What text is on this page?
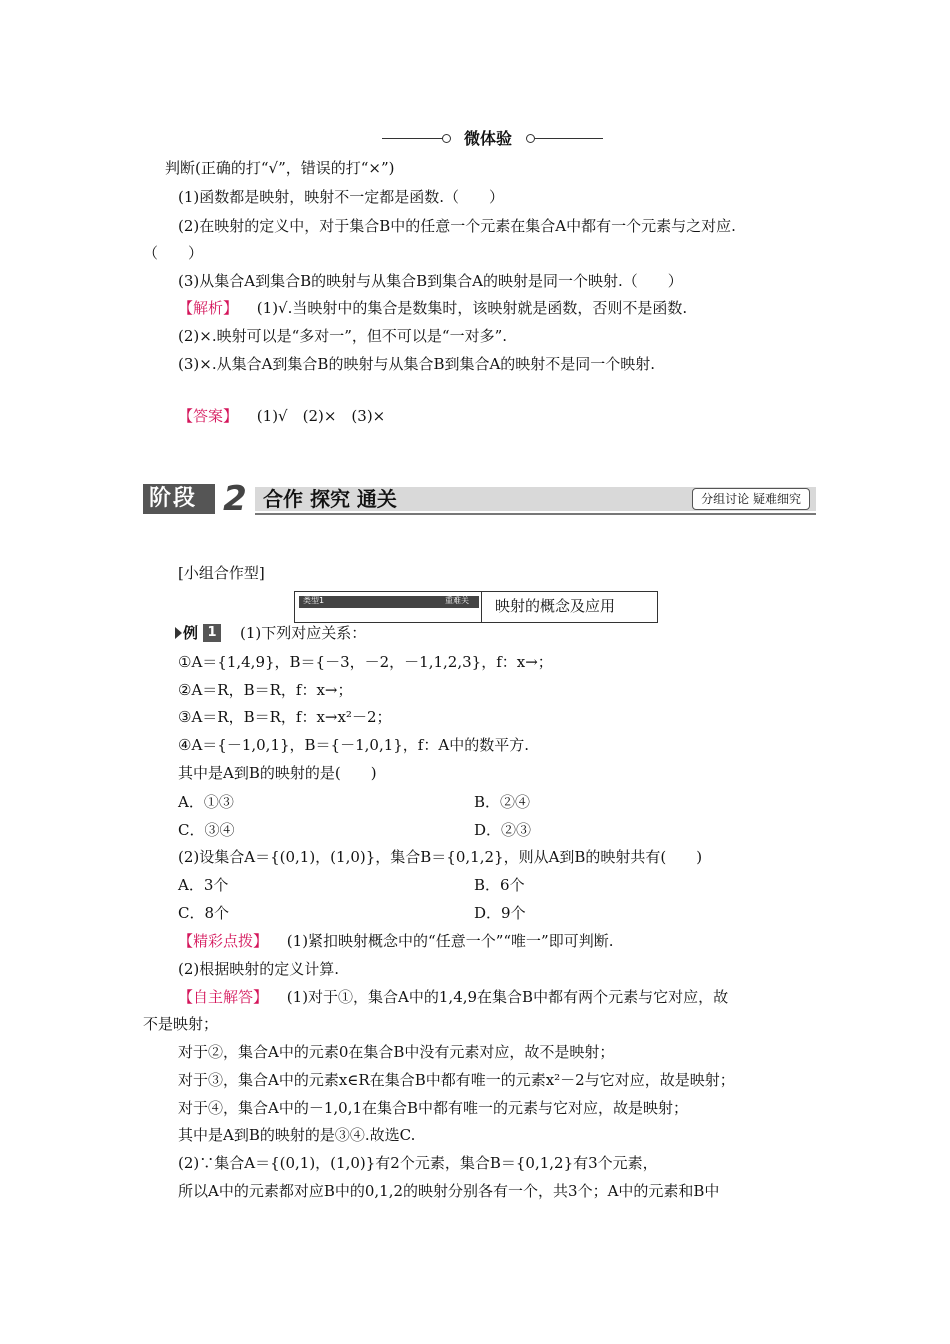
微体验
判断(正确的打“√”，错误的打“×”)
(1)函数都是映射，映射不一定都是函数.（　　）
(2)在映射的定义中，对于集合B中的任意一个元素在集合A中都有一个元素与之对应.
（　　）
(3)从集合A到集合B的映射与从集合B到集合A的映射是同一个映射.（　　）
【解析】 (1)√.当映射中的集合是数集时，该映射就是函数，否则不是函数.
(2)×.映射可以是“多对一”，但不可以是“一对多”.
(3)×.从集合A到集合B的映射与从集合B到集合A的映射不是同一个映射.
【答案】 (1)√　(2)×　(3)×
阶段 2 合作 探究 通关	分组讨论 疑难细究
[小组合作型]
类型1	重难关 映射的概念及应用
例 1 (1)下列对应关系：
①A＝{1,4,9}，B＝{－3，－2，－1,1,2,3}，f：x→；
②A＝R，B＝R，f：x→；
③A＝R，B＝R，f：x→x²－2；
④A＝{－1,0,1}，B＝{－1,0,1}，f：A中的数平方.
其中是A到B的映射的是(　　)
A．①③	B．②④
C．③④	D．②③
(2)设集合A＝{(0,1)，(1,0)}，集合B＝{0,1,2}，则从A到B的映射共有(　　)
A．3个	B．6个
C．8个	D．9个
【精彩点拨】 (1)紧扣映射概念中的“任意一个”“唯一”即可判断.
(2)根据映射的定义计算.
【自主解答】 (1)对于①，集合A中的1,4,9在集合B中都有两个元素与它对应，故
不是映射；
对于②，集合A中的元素0在集合B中没有元素对应，故不是映射；
对于③，集合A中的元素x∈R在集合B中都有唯一的元素x²－2与它对应，故是映射；
对于④，集合A中的－1,0,1在集合B中都有唯一的元素与它对应，故是映射；
其中是A到B的映射的是③④.故选C.
(2)∵集合A＝{(0,1)，(1,0)}有2个元素，集合B＝{0,1,2}有3个元素，
所以A中的元素都对应B中的0,1,2的映射分别各有一个，共3个；A中的元素和B中
